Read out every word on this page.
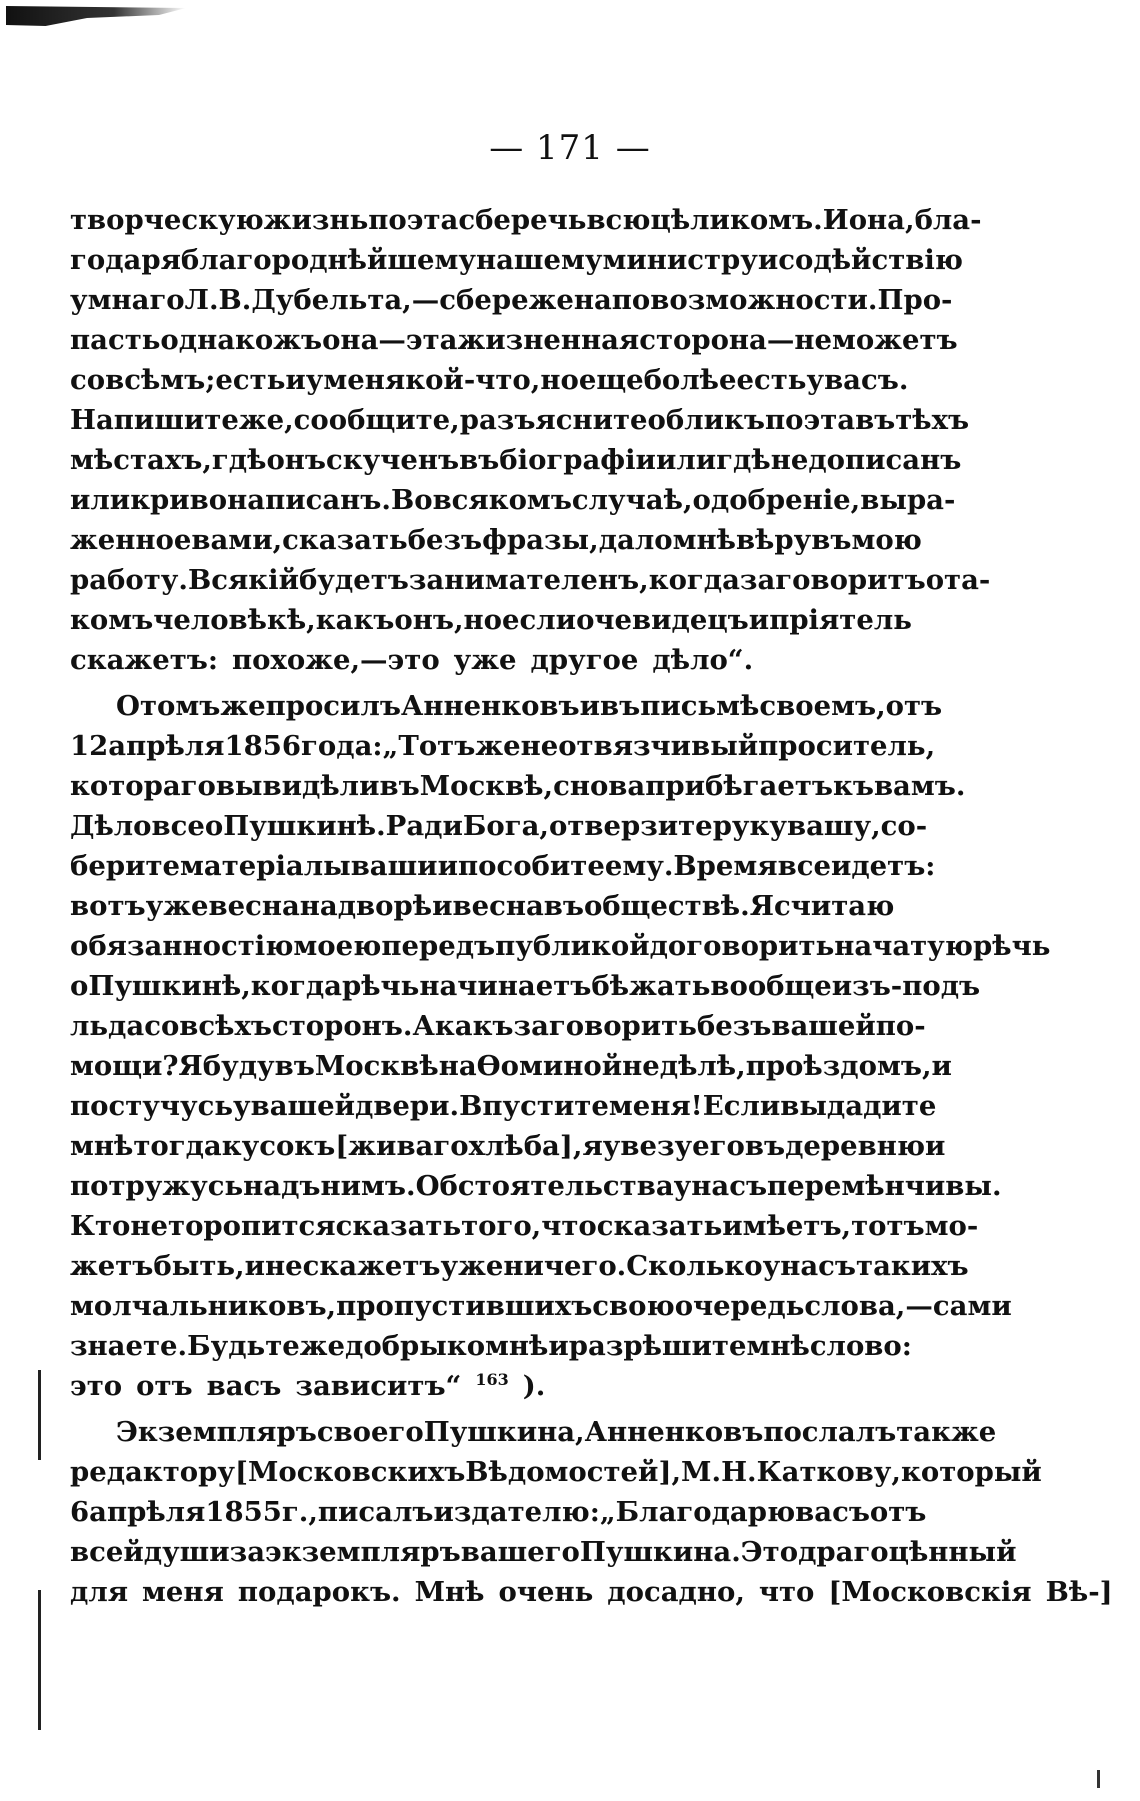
— 171 —
творческую жизнь поэта сберечь всю цѣликомъ. И она, бла-
годаря благороднѣйшему нашему министру и содѣйствію
умнаго Л. В. Дубельта, — сбережена по возможности. Про-
пасть однакожъ она — эта жизненная сторона — не можетъ
совсѣмъ; есть и у меня кой-что, но еще болѣе есть у васъ.
Напишите же, сообщите, разъясните обликъ поэта въ тѣхъ
мѣстахъ, гдѣ онъ скученъ въ біографіи или гдѣ не дописанъ
или криво написанъ. Во всякомъ случаѣ, одобреніе, выра-
женное вами, сказать безъ фразы, дало мнѣ вѣру въ мою
работу. Всякій будетъ занимателенъ, когда заговоритъ о та-
комъ человѣкѣ, какъ онъ, но если очевидецъ и пріятель
скажетъ: похоже,—это уже другое дѣло“.
О томъ же просилъ Анненковъ и въ письмѣ своемъ, отъ
12 апрѣля 1856 года: „Тотъ же неотвязчивый проситель,
котораго вы видѣли въ Москвѣ, снова прибѣгаетъ къ вамъ.
Дѣло все о Пушкинѣ. Ради Бога, отверзите руку вашу, со-
берите матеріалы ваши и пособите ему. Время все идетъ:
вотъ уже весна на дворѣ и весна въ обществѣ. Я считаю
обязанностію моею передъ публикой договорить начатую рѣчь
о Пушкинѣ, когда рѣчь начинаетъ бѣжать вообще изъ-подъ
льда со всѣхъ сторонъ. А какъ заговорить безъ вашей по-
мощи? Я буду въ Москвѣ на Ѳоминой недѣлѣ, проѣздомъ, и
постучусь у вашей двери. Впустите меня! Если вы дадите
мнѣ тогда кусокъ [живаго хлѣба], я увезу его въ деревню и
потружусь надъ нимъ. Обстоятельства у насъ перемѣнчивы.
Кто не торопится сказать того, что сказать имѣетъ, тотъ мо-
жетъ быть, и не скажетъ уже ничего. Сколько у насъ такихъ
молчальниковъ, пропустившихъ свою очередь слова, — сами
знаете. Будьте же добры ко мнѣ и разрѣшите мнѣ слово:
это отъ васъ зависитъ“ $^{163}$ ).
Экземпляръ своего Пушкина, Анненковъ послалъ также
редактору [Московскихъ Вѣдомостей], М. Н. Каткову, который
6 апрѣля 1855 г., писалъ издателю: „Благодарю васъ отъ
всей души за экземпляръ вашего Пушкина. Это драгоцѣнный
для меня подарокъ. Мнѣ очень досадно, что [Московскія Вѣ-]
